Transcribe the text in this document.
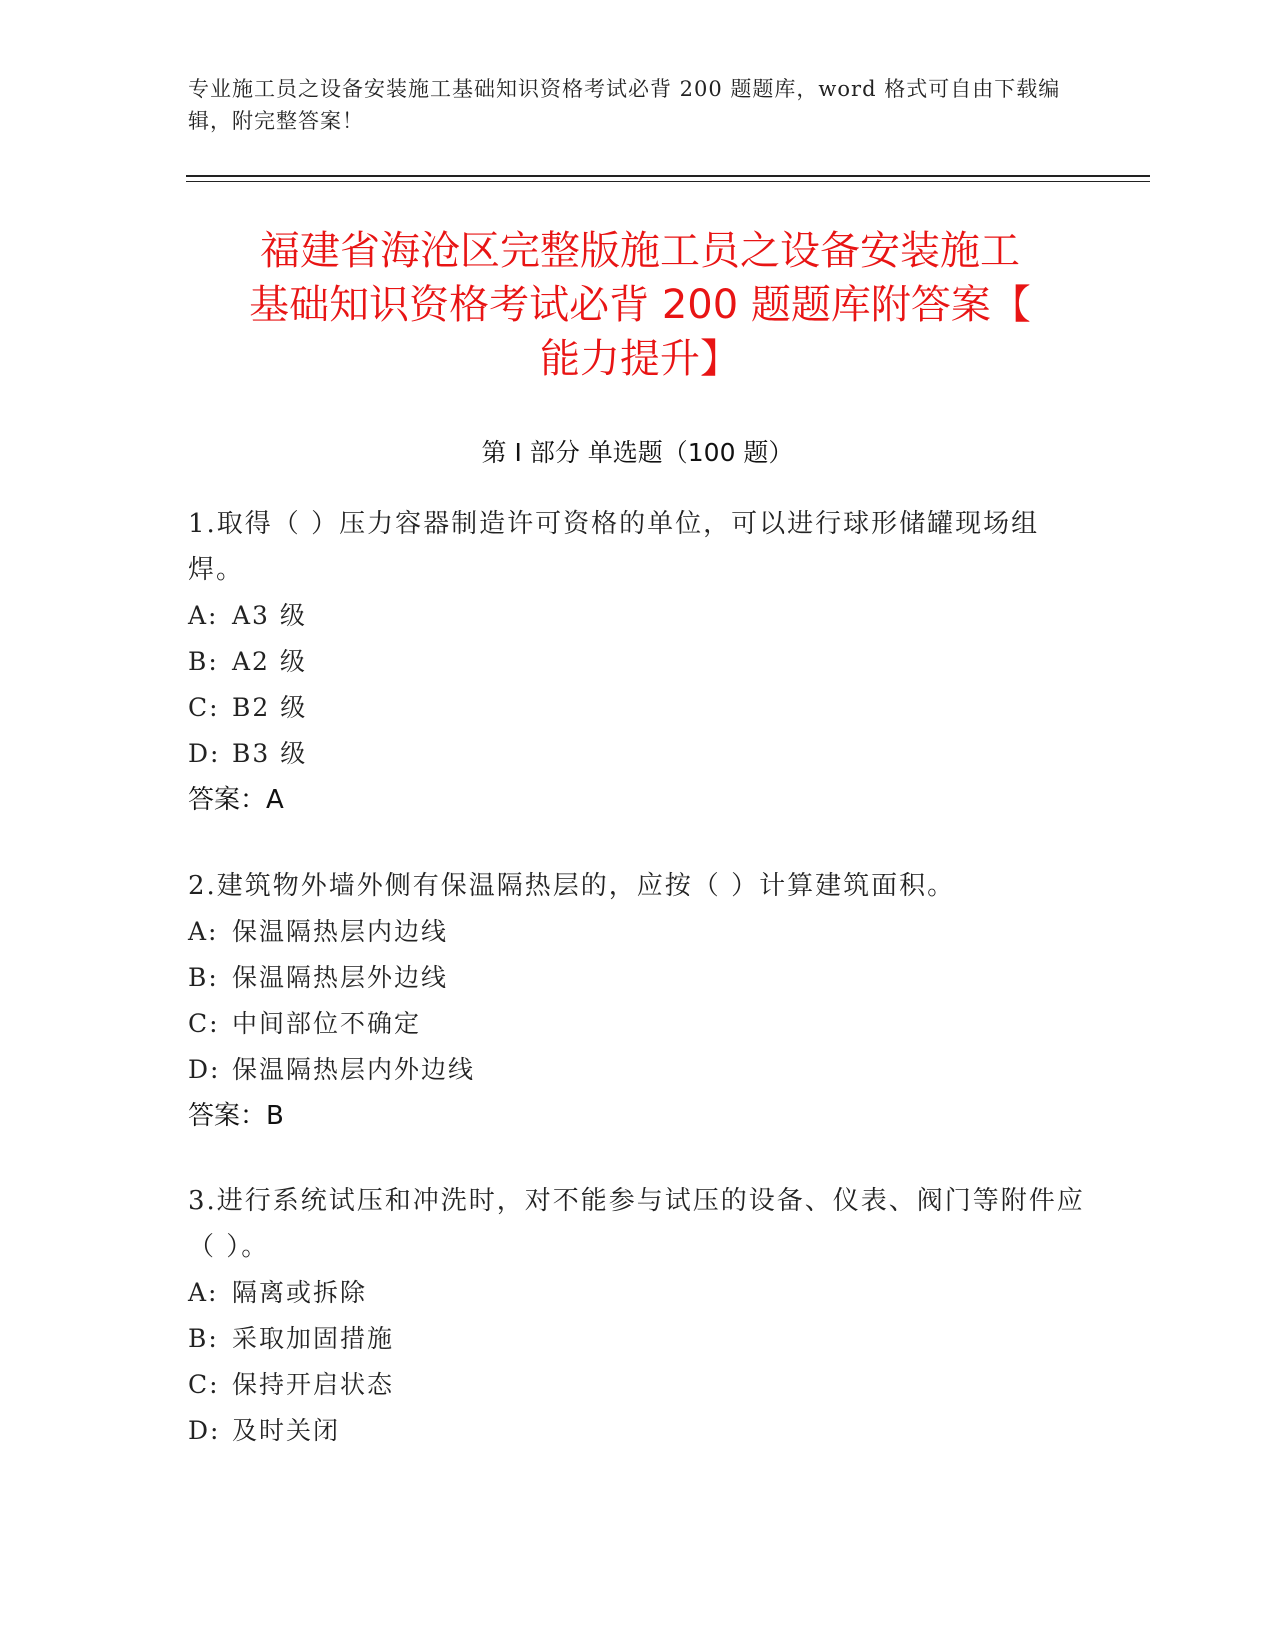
专业施工员之设备安装施工基础知识资格考试必背 200 题题库，word 格式可自由下载编辑，附完整答案！
福建省海沧区完整版施工员之设备安装施工
基础知识资格考试必背 200 题题库附答案【
能力提升】
第 I 部分 单选题（100 题）
1.取得（ ）压力容器制造许可资格的单位，可以进行球形储罐现场组焊。
A: A3 级
B: A2 级
C: B2 级
D: B3 级
答案：A
2.建筑物外墙外侧有保温隔热层的，应按（ ）计算建筑面积。
A: 保温隔热层内边线
B: 保温隔热层外边线
C: 中间部位不确定
D: 保温隔热层内外边线
答案：B
3.进行系统试压和冲洗时，对不能参与试压的设备、仪表、阀门等附件应（ ）。
A: 隔离或拆除
B: 采取加固措施
C: 保持开启状态
D: 及时关闭
